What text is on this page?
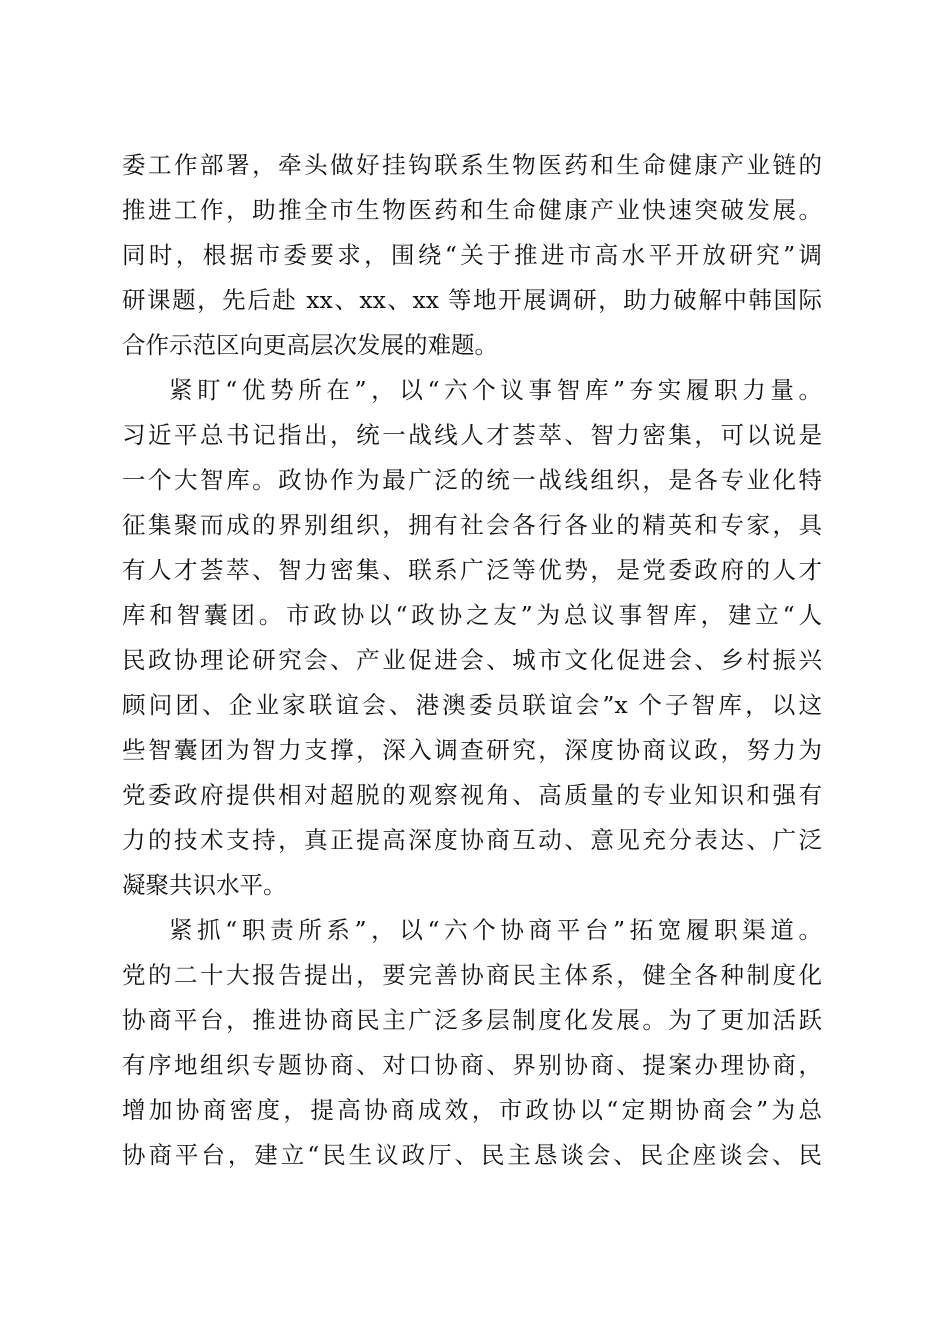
委工作部署，牵头做好挂钩联系生物医药和生命健康产业链的
推进工作，助推全市生物医药和生命健康产业快速突破发展。
同时，根据市委要求，围绕“关于推进市高水平开放研究”调
研课题，先后赴 xx、xx、xx 等地开展调研，助力破解中韩国际
合作示范区向更高层次发展的难题。
紧盯“优势所在”，以“六个议事智库”夯实履职力量。
习近平总书记指出，统一战线人才荟萃、智力密集，可以说是
一个大智库。政协作为最广泛的统一战线组织，是各专业化特
征集聚而成的界别组织，拥有社会各行各业的精英和专家，具
有人才荟萃、智力密集、联系广泛等优势，是党委政府的人才
库和智囊团。市政协以“政协之友”为总议事智库，建立“人
民政协理论研究会、产业促进会、城市文化促进会、乡村振兴
顾问团、企业家联谊会、港澳委员联谊会”x 个子智库，以这
些智囊团为智力支撑，深入调查研究，深度协商议政，努力为
党委政府提供相对超脱的观察视角、高质量的专业知识和强有
力的技术支持，真正提高深度协商互动、意见充分表达、广泛
凝聚共识水平。
紧抓“职责所系”，以“六个协商平台”拓宽履职渠道。
党的二十大报告提出，要完善协商民主体系，健全各种制度化
协商平台，推进协商民主广泛多层制度化发展。为了更加活跃
有序地组织专题协商、对口协商、界别协商、提案办理协商，
增加协商密度，提高协商成效，市政协以“定期协商会”为总
协商平台，建立“民生议政厅、民主恳谈会、民企座谈会、民
